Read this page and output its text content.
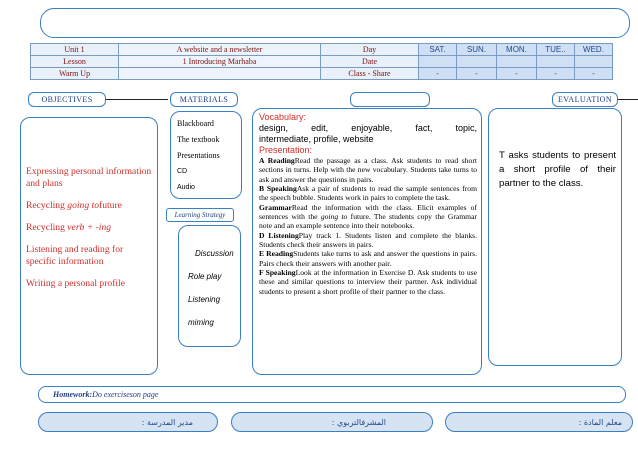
Unit 1	A website and a newsletter	Day	SAT.	SUN.	MON.	TUE..	WED.
Lesson	1 Introducing Marhaba	Date					
Warm Up		Class - Share	-	-	-	-	-
OBJECTIVES	MATERIALS	EVALUATION

Expressing personal information and plans

Recycling going tofuture

Recycling verb + -ing

Listening and reading for specific information

Writing a personal profile

Blackboard
The textbook
Presentations
CD
Audio
Learning Strategy
Discussion
Role play
Listening
miming
Vocabulary:
design, edit, enjoyable, fact, topic,
intermediate, profile, website
Presentation:
A ReadingRead the passage as a class. Ask students to read short sections in turns. Help with the new vocabulary. Students take turns to ask and answer the questions in pairs.
B SpeakingAsk a pair of students to read the sample sentences from the speech bubble. Students work in pairs to complete the task.
GrammarRead the information with the class. Elicit examples of sentences with the going to future. The students copy the Grammar note and an example sentence into their notebooks.
D ListeningPlay track 1. Students listen and complete the blanks. Students check their answers in pairs.
E ReadingStudents take turns to ask and answer the questions in pairs. Pairs check their answers with another pair.
F SpeakingLook at the information in Exercise D. Ask students to use these and similar questions to interview their partner. Ask individual students to present a short profile of their partner to the class.

T asks students to present a short profile of their partner to the class.

Homework: Do exerciseson page
معلم المادة :
المشرفالتربوي :
مدير المدرسة :
